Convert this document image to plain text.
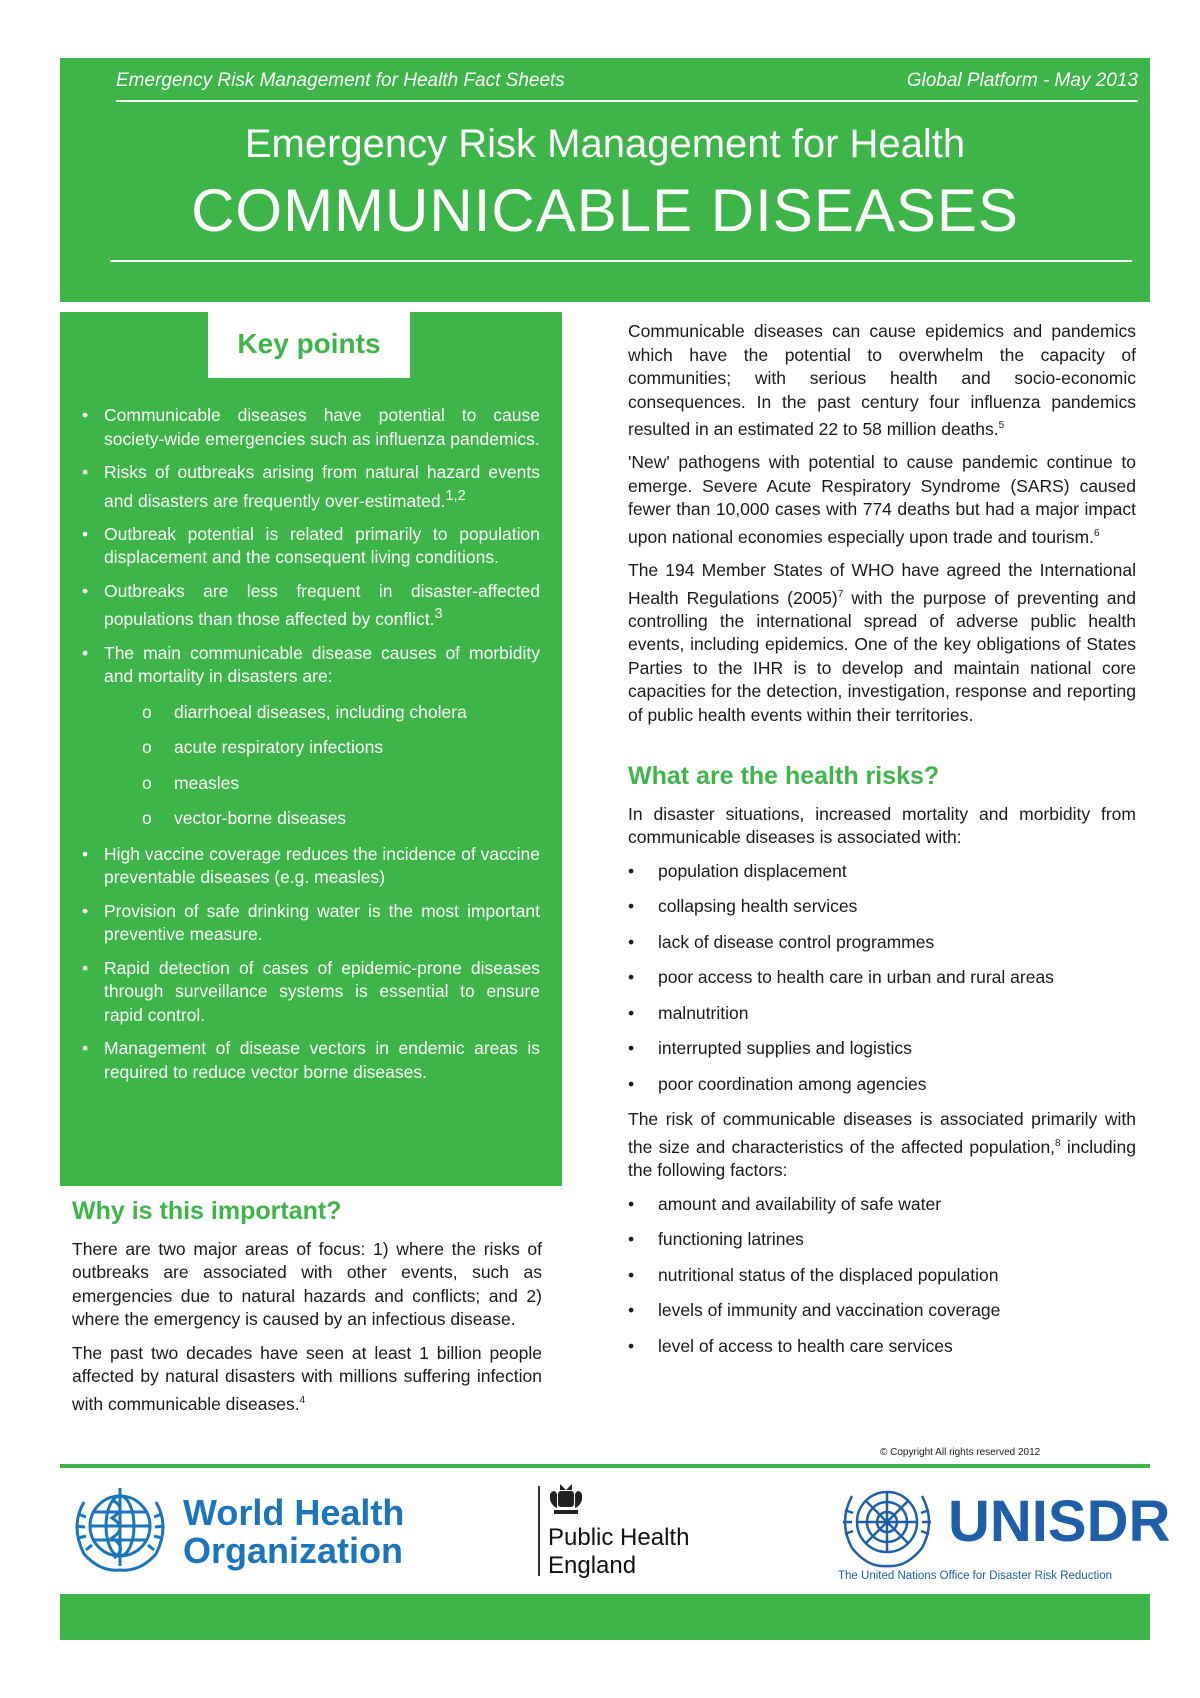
Emergency Risk Management for Health Fact Sheets	Global Platform - May 2013
Emergency Risk Management for Health
COMMUNICABLE DISEASES
Key points
• Communicable diseases have potential to cause society-wide emergencies such as influenza pandemics.
• Risks of outbreaks arising from natural hazard events and disasters are frequently over-estimated.$^{1,2}$
• Outbreak potential is related primarily to population displacement and the consequent living conditions.
• Outbreaks are less frequent in disaster-affected populations than those affected by conflict.$^3$
• The main communicable disease causes of morbidity and mortality in disasters are:
o diarrhoeal diseases, including cholera
o acute respiratory infections
o measles
o vector-borne diseases
• High vaccine coverage reduces the incidence of vaccine preventable diseases (e.g. measles)
• Provision of safe drinking water is the most important preventive measure.
• Rapid detection of cases of epidemic-prone diseases through surveillance systems is essential to ensure rapid control.
• Management of disease vectors in endemic areas is required to reduce vector borne diseases.
Why is this important?

There are two major areas of focus: 1) where the risks of outbreaks are associated with other events, such as emergencies due to natural hazards and conflicts; and 2) where the emergency is caused by an infectious disease.

The past two decades have seen at least 1 billion people affected by natural disasters with millions suffering infection with communicable diseases.$^4$

Communicable diseases can cause epidemics and pandemics which have the potential to overwhelm the capacity of communities; with serious health and socio-economic consequences. In the past century four influenza pandemics resulted in an estimated 22 to 58 million deaths.$^5$

'New' pathogens with potential to cause pandemic continue to emerge. Severe Acute Respiratory Syndrome (SARS) caused fewer than 10,000 cases with 774 deaths but had a major impact upon national economies especially upon trade and tourism.$^6$

The 194 Member States of WHO have agreed the International Health Regulations $(2005)^7$ with the purpose of preventing and controlling the international spread of adverse public health events, including epidemics. One of the key obligations of States Parties to the IHR is to develop and maintain national core capacities for the detection, investigation, response and reporting of public health events within their territories.

What are the health risks?

In disaster situations, increased mortality and morbidity from communicable diseases is associated with:

• population displacement
• collapsing health services
• lack of disease control programmes
• poor access to health care in urban and rural areas
• malnutrition
• interrupted supplies and logistics
• poor coordination among agencies

The risk of communicable diseases is associated primarily with the size and characteristics of the affected population,$^8$ including the following factors:

• amount and availability of safe water
• functioning latrines
• nutritional status of the displaced population
• levels of immunity and vaccination coverage
• level of access to health care services
© Copyright All rights reserved 2012
World Health
Organization	Public Health
England
UNISDR
The United Nations Office for Disaster Risk Reduction
